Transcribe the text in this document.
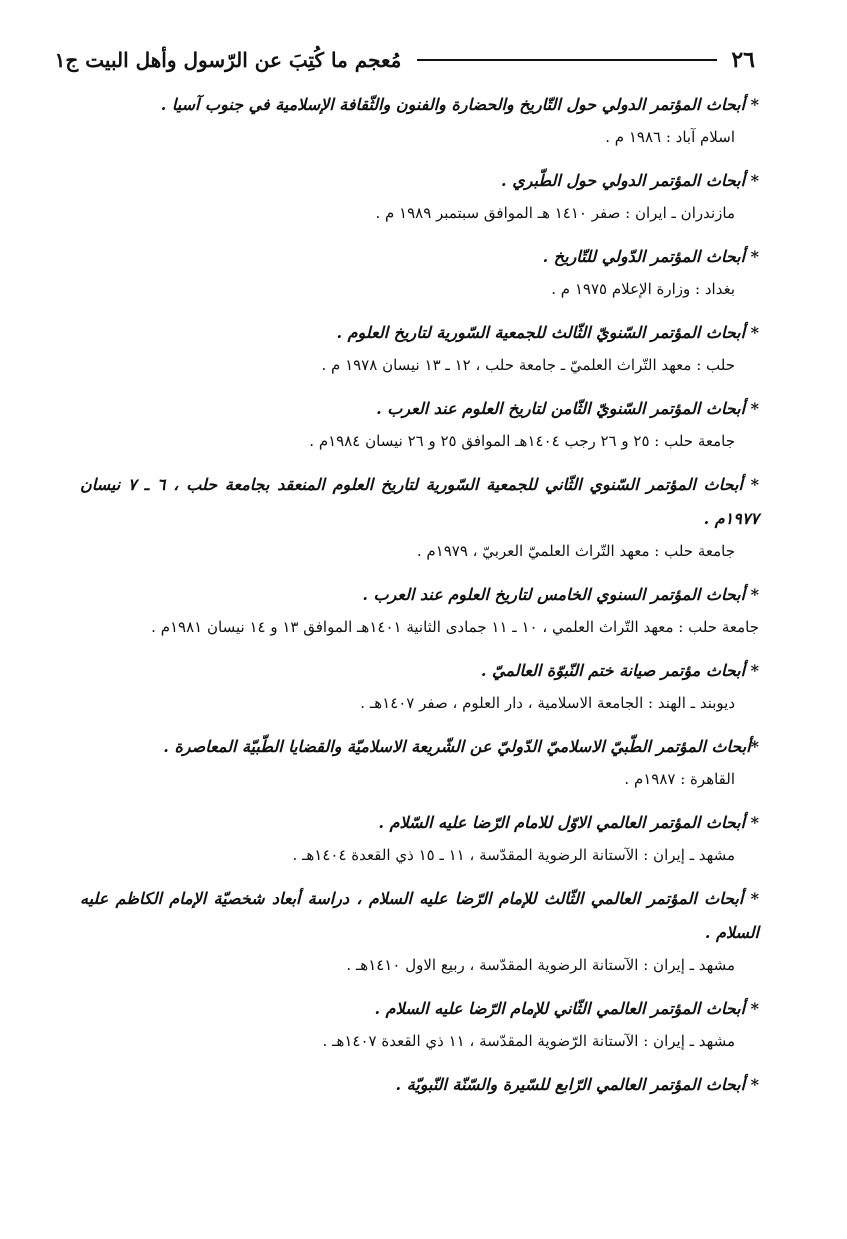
٢٦
مُعجم ما كُتِبَ عن الرّسول وأهل البيت ج١
* أبحاث المؤتمر الدولي حول التّاريخ والحضارة والفنون والثّقافة الإسلامية في جنوب آسيا .
اسلام آباد : ١٩٨٦ م .
* أبحاث المؤتمر الدولي حول الطّبري .
مازندران ـ ايران : صفر ١٤١٠ هـ الموافق سبتمبر ١٩٨٩ م .
* أبحاث المؤتمر الدّولي للتّاريخ .
بغداد : وزارة الإعلام ١٩٧٥ م .
* أبحاث المؤتمر السّنويّ الثّالث للجمعية السّورية لتاريخ العلوم .
حلب : معهد التّراث العلميّ ـ جامعة حلب ، ١٢ ـ ١٣ نيسان ١٩٧٨ م .
* أبحاث المؤتمر السّنويّ الثّامن لتاريخ العلوم عند العرب .
جامعة حلب : ٢٥ و ٢٦ رجب ١٤٠٤هـ الموافق ٢٥ و ٢٦ نيسان ١٩٨٤م .
* أبحاث المؤتمر السّنوي الثّاني للجمعية السّورية لتاريخ العلوم المنعقد بجامعة حلب ، ٦ ـ ٧ نيسان ١٩٧٧م .
جامعة حلب : معهد التّراث العلميّ العربيّ ، ١٩٧٩م .
* أبحاث المؤتمر السنوي الخامس لتاريخ العلوم عند العرب .
جامعة حلب : معهد التّراث العلمي ، ١٠ ـ ١١ جمادى الثانية ١٤٠١هـ الموافق ١٣ و ١٤ نيسان ١٩٨١م .
* أبحاث مؤتمر صيانة ختم النّبوّة العالميّ .
ديوبند ـ الهند : الجامعة الاسلامية ، دار العلوم ، صفر ١٤٠٧هـ .
*أبحاث المؤتمر الطّبيّ الاسلاميّ الدّوليّ عن الشّريعة الاسلاميّة والقضايا الطّبيّة المعاصرة .
القاهرة : ١٩٨٧م .
* أبحاث المؤتمر العالمي الاوّل للامام الرّضا عليه السّلام .
مشهد ـ إيران : الآستانة الرضوية المقدّسة ، ١١ ـ ١٥ ذي القعدة ١٤٠٤هـ .
* أبحاث المؤتمر العالمي الثّالث للإمام الرّضا عليه السلام ، دراسة أبعاد شخصيّة الإمام الكاظم عليه السلام .
مشهد ـ إيران : الآستانة الرضوية المقدّسة ، ربيع الاول ١٤١٠هـ .
* أبحاث المؤتمر العالمي الثّاني للإمام الرّضا عليه السلام .
مشهد ـ إيران : الآستانة الرّضوية المقدّسة ، ١١ ذي القعدة ١٤٠٧هـ .
* أبحاث المؤتمر العالمي الرّابع للسّيرة والسّنّة النّبويّة .
